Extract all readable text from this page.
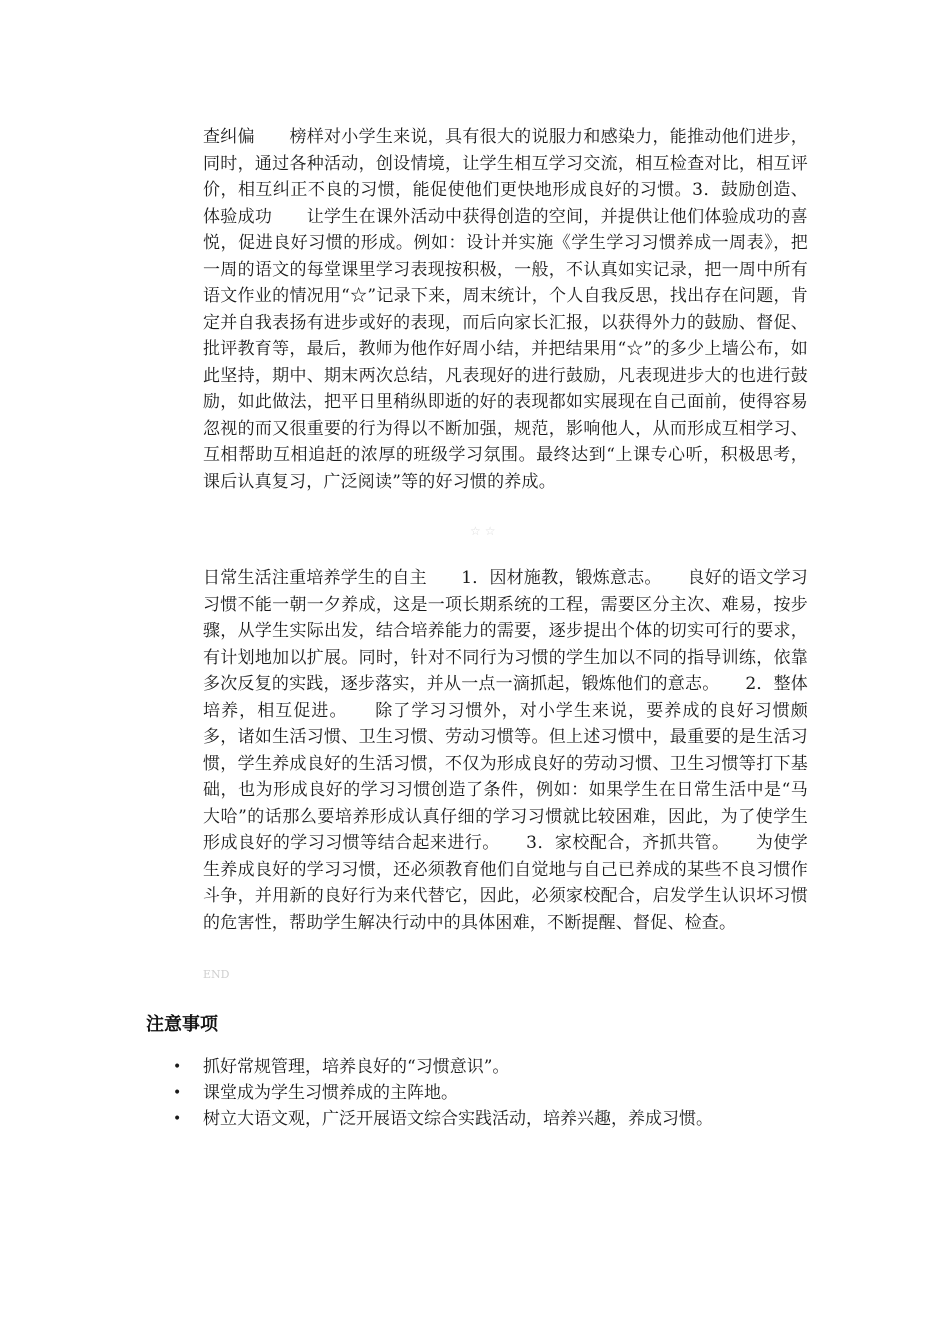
查纠偏　　榜样对小学生来说，具有很大的说服力和感染力，能推动他们进步，同时，通过各种活动，创设情境，让学生相互学习交流，相互检查对比，相互评价，相互纠正不良的习惯，能促使他们更快地形成良好的习惯。3．鼓励创造、体验成功　　让学生在课外活动中获得创造的空间，并提供让他们体验成功的喜悦，促进良好习惯的形成。例如：设计并实施《学生学习习惯养成一周表》，把一周的语文的每堂课里学习表现按积极，一般，不认真如实记录，把一周中所有语文作业的情况用“☆”记录下来，周末统计，个人自我反思，找出存在问题，肯定并自我表扬有进步或好的表现，而后向家长汇报，以获得外力的鼓励、督促、批评教育等，最后，教师为他作好周小结，并把结果用“☆”的多少上墙公布，如此坚持，期中、期末两次总结，凡表现好的进行鼓励，凡表现进步大的也进行鼓励，如此做法，把平日里稍纵即逝的好的表现都如实展现在自己面前，使得容易忽视的而又很重要的行为得以不断加强，规范，影响他人，从而形成互相学习、互相帮助互相追赶的浓厚的班级学习氛围。最终达到“上课专心听，积极思考，课后认真复习，广泛阅读”等的好习惯的养成。
☆☆
日常生活注重培养学生的自主　　1．因材施教，锻炼意志。　　良好的语文学习习惯不能一朝一夕养成，这是一项长期系统的工程，需要区分主次、难易，按步骤，从学生实际出发，结合培养能力的需要，逐步提出个体的切实可行的要求，有计划地加以扩展。同时，针对不同行为习惯的学生加以不同的指导训练，依靠多次反复的实践，逐步落实，并从一点一滴抓起，锻炼他们的意志。　　2．整体培养，相互促进。　　除了学习习惯外，对小学生来说，要养成的良好习惯颇多，诸如生活习惯、卫生习惯、劳动习惯等。但上述习惯中，最重要的是生活习惯，学生养成良好的生活习惯，不仅为形成良好的劳动习惯、卫生习惯等打下基础，也为形成良好的学习习惯创造了条件，例如：如果学生在日常生活中是“马大哈”的话那么要培养形成认真仔细的学习习惯就比较困难，因此，为了使学生形成良好的学习习惯等结合起来进行。　　3．家校配合，齐抓共管。　　为使学生养成良好的学习习惯，还必须教育他们自觉地与自己已养成的某些不良习惯作斗争，并用新的良好行为来代替它，因此，必须家校配合，启发学生认识坏习惯的危害性，帮助学生解决行动中的具体困难，不断提醒、督促、检查。
END
注意事项
• 抓好常规管理，培养良好的“习惯意识”。
• 课堂成为学生习惯养成的主阵地。
• 树立大语文观，广泛开展语文综合实践活动，培养兴趣，养成习惯。
